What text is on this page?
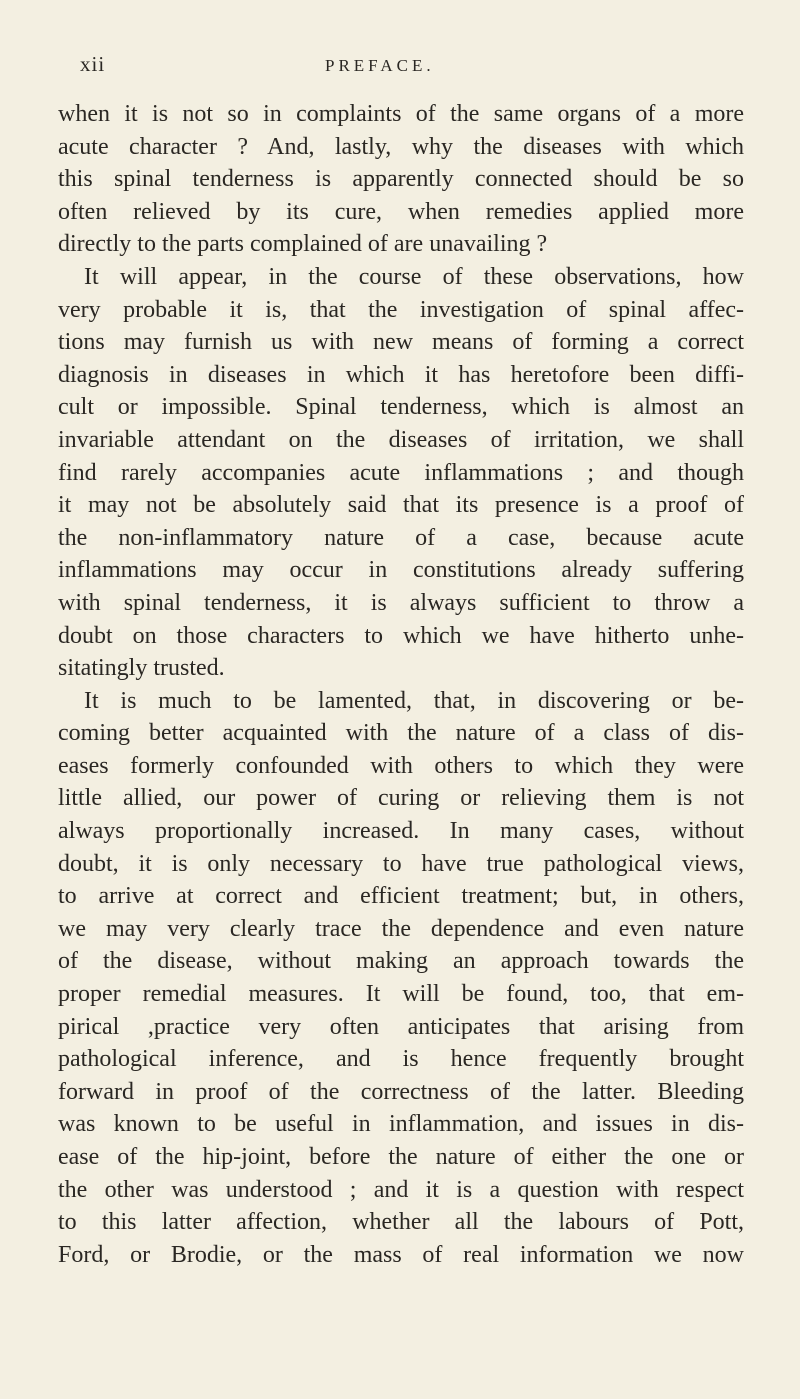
xii	PREFACE.
when it is not so in complaints of the same organs of a more
acute character ? And, lastly, why the diseases with which
this spinal tenderness is apparently connected should be so
often relieved by its cure, when remedies applied more
directly to the parts complained of are unavailing ?
It will appear, in the course of these observations, how
very probable it is, that the investigation of spinal affec-
tions may furnish us with new means of forming a correct
diagnosis in diseases in which it has heretofore been diffi-
cult or impossible. Spinal tenderness, which is almost an
invariable attendant on the diseases of irritation, we shall
find rarely accompanies acute inflammations ; and though
it may not be absolutely said that its presence is a proof of
the non-inflammatory nature of a case, because acute
inflammations may occur in constitutions already suffering
with spinal tenderness, it is always sufficient to throw a
doubt on those characters to which we have hitherto unhe-
sitatingly trusted.
It is much to be lamented, that, in discovering or be-
coming better acquainted with the nature of a class of dis-
eases formerly confounded with others to which they were
little allied, our power of curing or relieving them is not
always proportionally increased. In many cases, without
doubt, it is only necessary to have true pathological views,
to arrive at correct and efficient treatment; but, in others,
we may very clearly trace the dependence and even nature
of the disease, without making an approach towards the
proper remedial measures. It will be found, too, that em-
pirical ,practice very often anticipates that arising from
pathological inference, and is hence frequently brought
forward in proof of the correctness of the latter. Bleeding
was known to be useful in inflammation, and issues in dis-
ease of the hip-joint, before the nature of either the one or
the other was understood ; and it is a question with respect
to this latter affection, whether all the labours of Pott,
Ford, or Brodie, or the mass of real information we now
